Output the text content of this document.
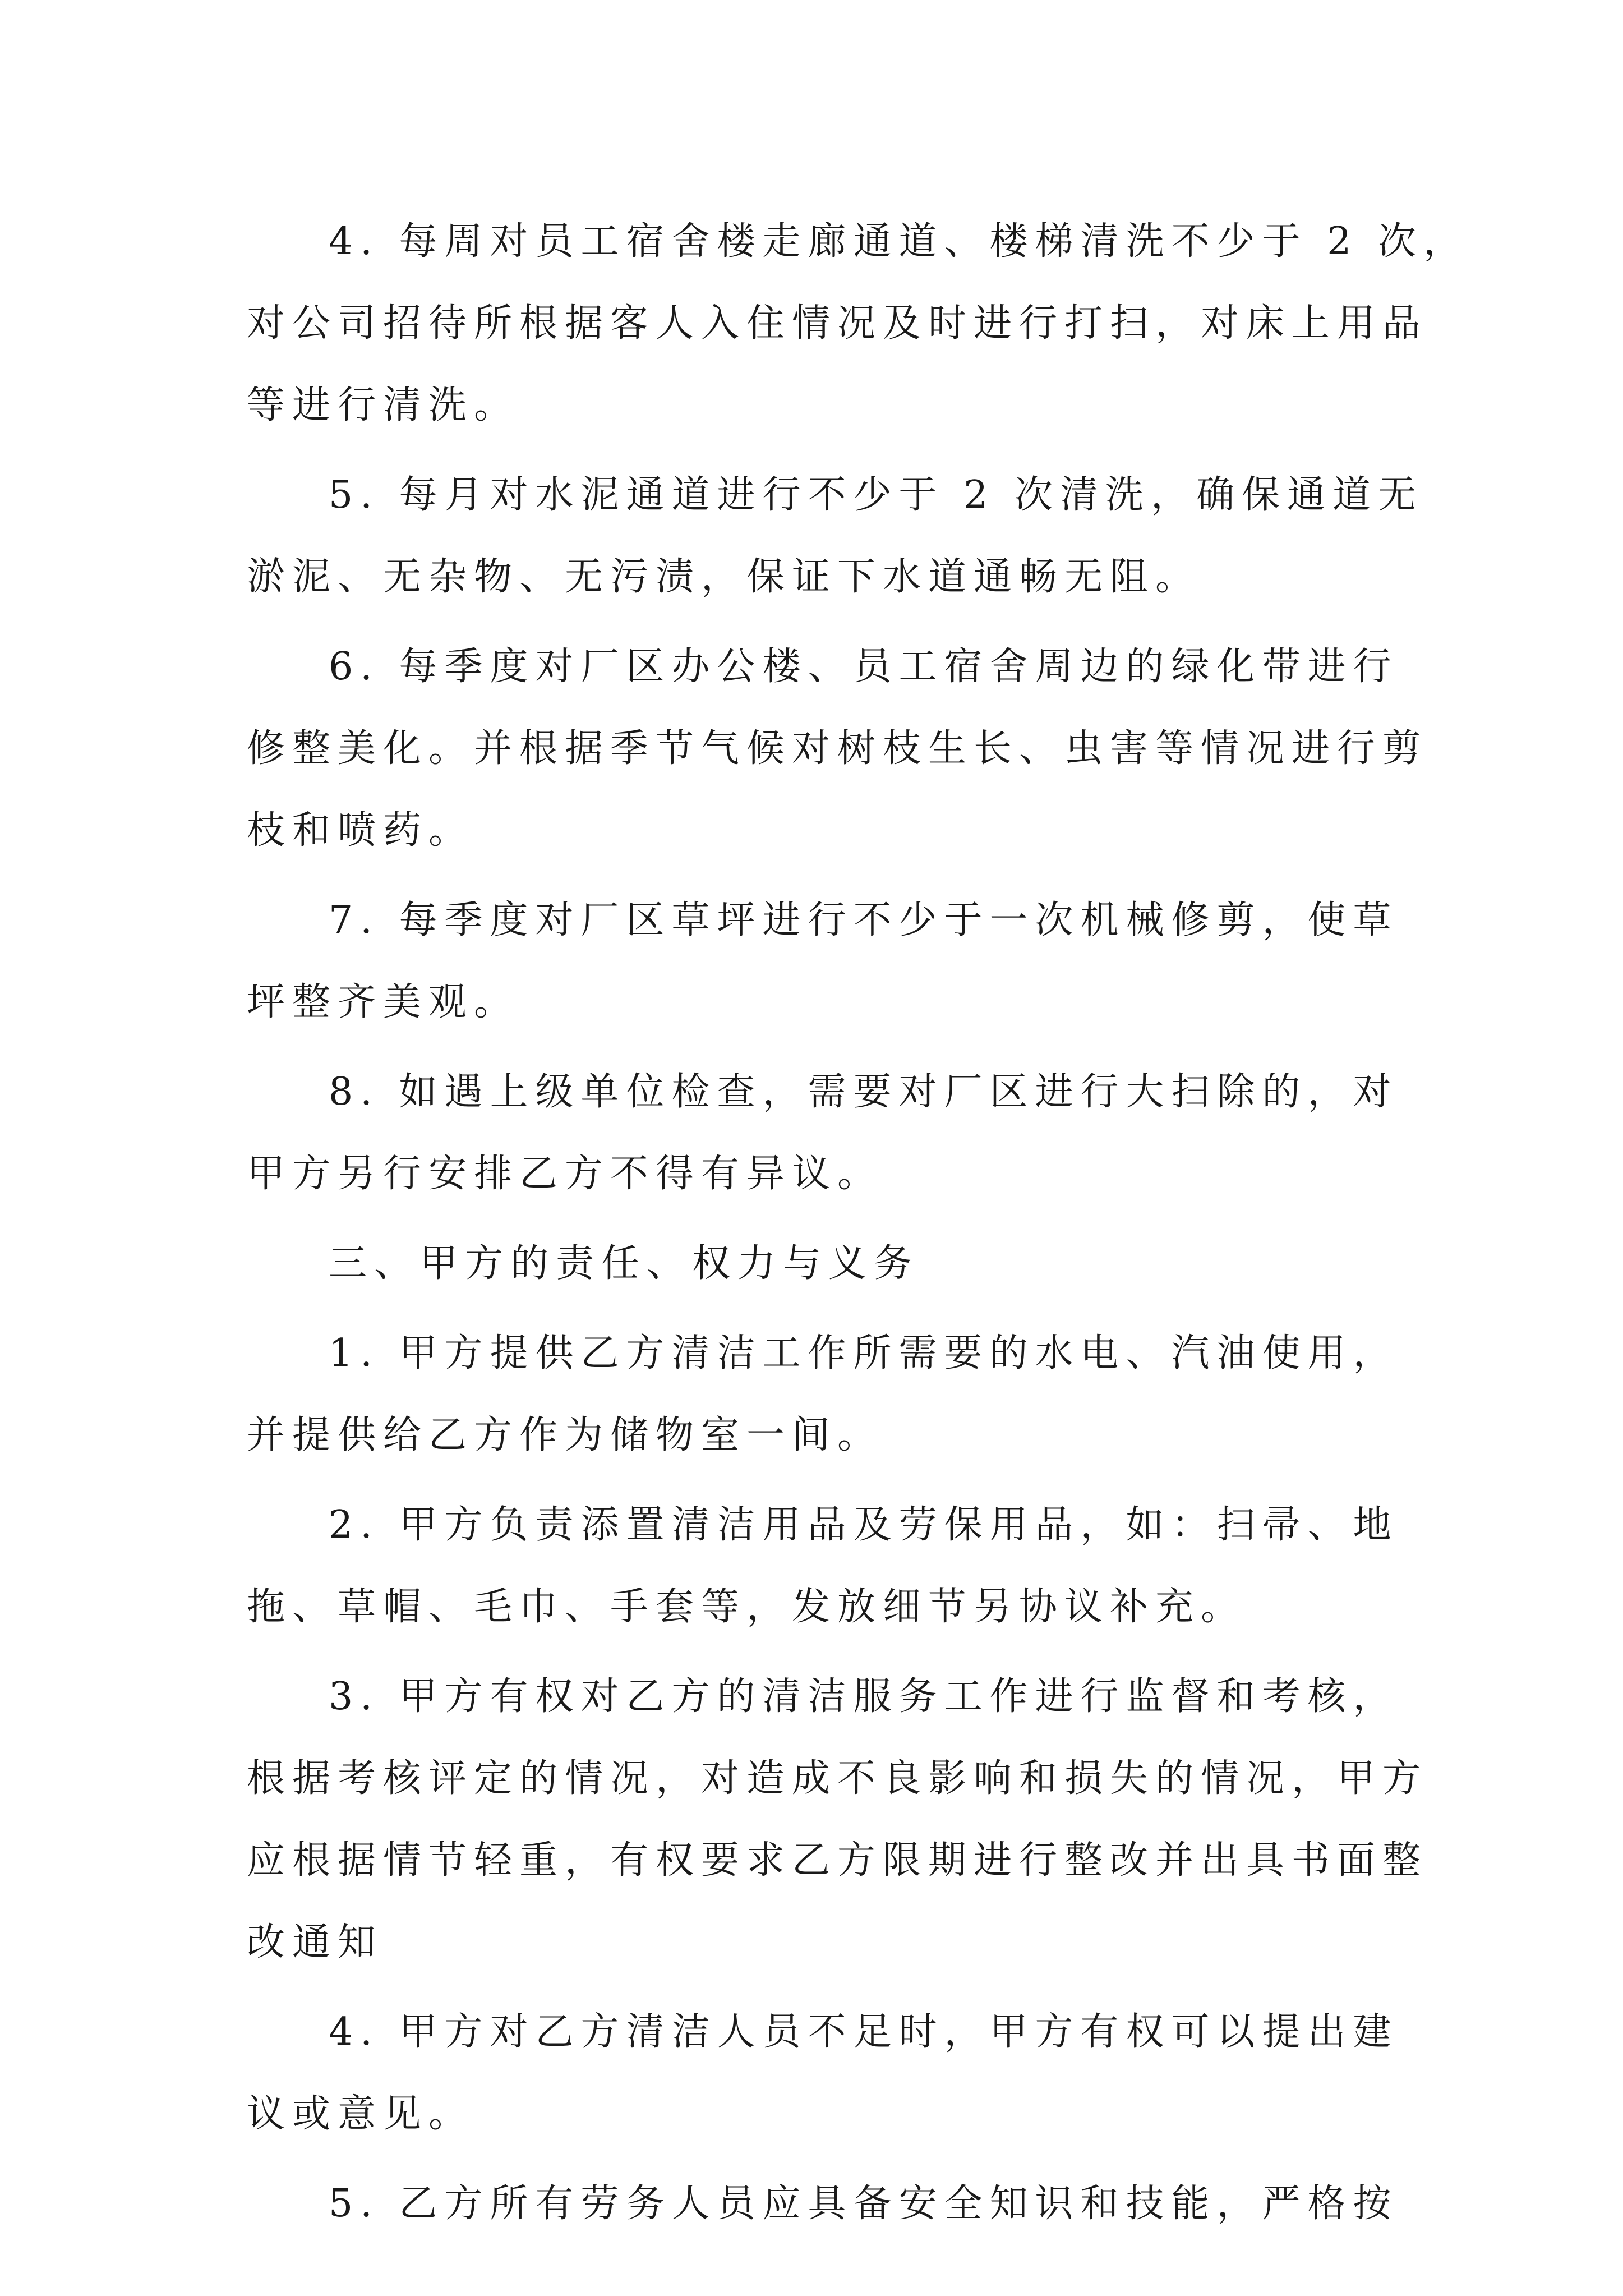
4. 每周对员工宿舍楼走廊通道、楼梯清洗不少于 2 次，
对公司招待所根据客人入住情况及时进行打扫，对床上用品
等进行清洗。

5. 每月对水泥通道进行不少于 2 次清洗，确保通道无
淤泥、无杂物、无污渍，保证下水道通畅无阻。

6. 每季度对厂区办公楼、员工宿舍周边的绿化带进行
修整美化。并根据季节气候对树枝生长、虫害等情况进行剪
枝和喷药。

7. 每季度对厂区草坪进行不少于一次机械修剪，使草
坪整齐美观。

8. 如遇上级单位检查，需要对厂区进行大扫除的，对
甲方另行安排乙方不得有异议。

三、甲方的责任、权力与义务

1. 甲方提供乙方清洁工作所需要的水电、汽油使用，
并提供给乙方作为储物室一间。

2. 甲方负责添置清洁用品及劳保用品，如：扫帚、地
拖、草帽、毛巾、手套等，发放细节另协议补充。

3. 甲方有权对乙方的清洁服务工作进行监督和考核，
根据考核评定的情况，对造成不良影响和损失的情况，甲方
应根据情节轻重，有权要求乙方限期进行整改并出具书面整
改通知

4. 甲方对乙方清洁人员不足时，甲方有权可以提出建
议或意见。

5. 乙方所有劳务人员应具备安全知识和技能，严格按
